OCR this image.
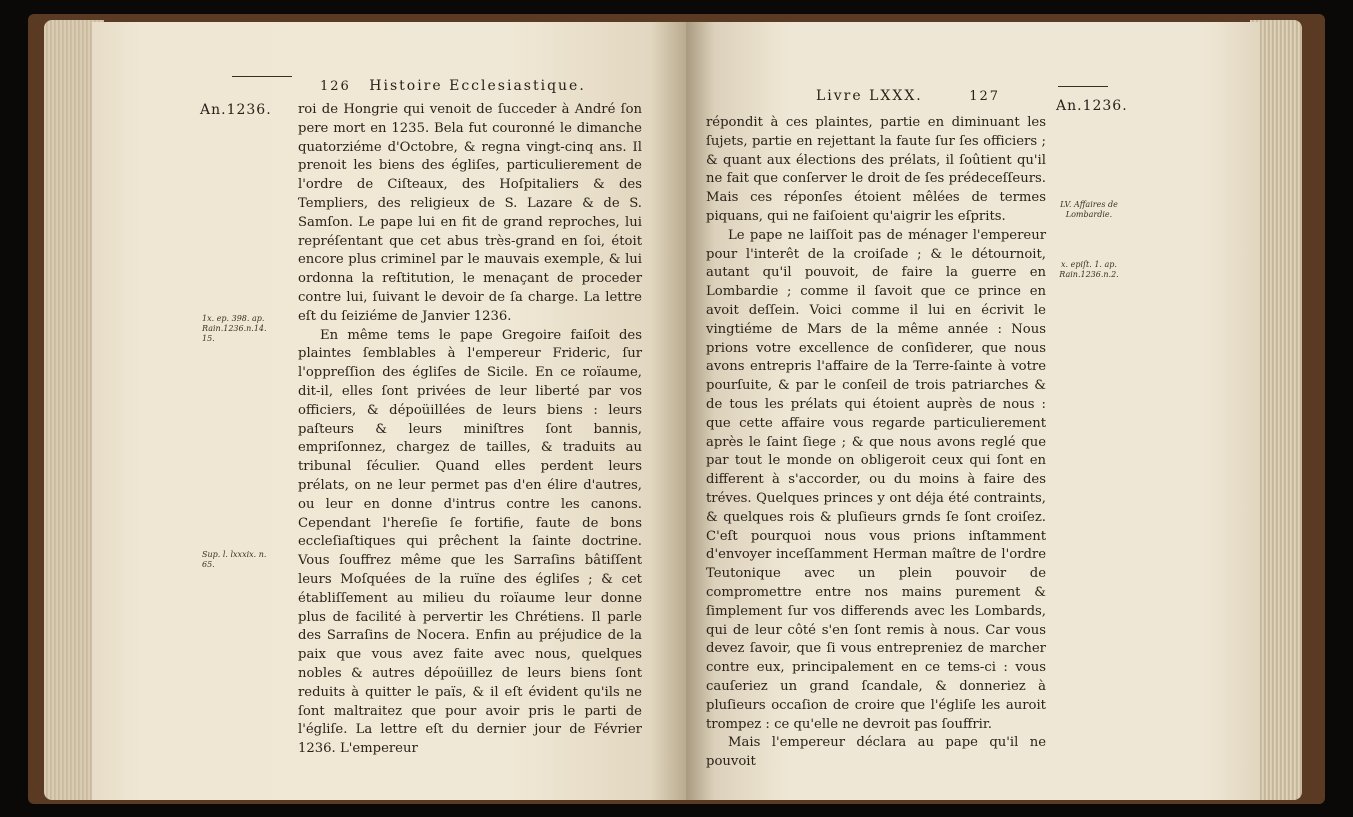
126 Histoire Ecclesiastique.
An.1236.
1x. ep. 398. ap. Rain.1236.n.14. 15.
Sup. l. lxxxix. n. 65.

roi de Hongrie qui venoit de ſucceder à André ſon pere mort en 1235. Bela fut couronné le dimanche quatorziéme d'Octobre, & regna vingt-cinq ans. Il prenoit les biens des égliſes, particulierement de l'ordre de Ciſteaux, des Hoſpitaliers & des Templiers, des religieux de S. Lazare & de S. Samſon. Le pape lui en fit de grand reproches, lui repréſentant que cet abus très-grand en ſoi, étoit encore plus criminel par le mauvais exemple, & lui ordonna la reſtitution, le menaçant de proceder contre lui, ſuivant le devoir de ſa charge. La lettre eſt du ſeiziéme de Janvier 1236.

En même tems le pape Gregoire faiſoit des plaintes ſemblables à l'empereur Frideric, ſur l'oppreſſion des égliſes de Sicile. En ce roïaume, dit-il, elles ſont privées de leur liberté par vos officiers, & dépoüillées de leurs biens : leurs paſteurs & leurs miniſtres ſont bannis, empriſonnez, chargez de tailles, & traduits au tribunal ſéculier. Quand elles perdent leurs prélats, on ne leur permet pas d'en élire d'autres, ou leur en donne d'intrus contre les canons. Cependant l'hereſie ſe fortifie, faute de bons eccleſiaſtiques qui prêchent la ſainte doctrine. Vous ſouffrez même que les Sarraſins bâtiſſent leurs Moſquées de la ruïne des égliſes ; & cet établiſſement au milieu du roïaume leur donne plus de facilité à pervertir les Chrétiens. Il parle des Sarraſins de Nocera. Enfin au préjudice de la paix que vous avez faite avec nous, quelques nobles & autres dépoüillez de leurs biens ſont reduits à quitter le païs, & il eſt évident qu'ils ne ſont maltraitez que pour avoir pris le parti de l'égliſe. La lettre eſt du dernier jour de Février 1236. L'empereur

Livre LXXX.	127
An.1236.
LV. Affaires de Lombardie.
x. epiſt. 1. ap. Rain.1236.n.2.

répondit à ces plaintes, partie en diminuant les ſujets, partie en rejettant la faute ſur ſes officiers ; & quant aux élections des prélats, il ſoûtient qu'il ne fait que conſerver le droit de ſes prédeceſſeurs. Mais ces réponſes étoient mêlées de termes piquans, qui ne faiſoient qu'aigrir les eſprits.

Le pape ne laiſſoit pas de ménager l'empereur pour l'interêt de la croiſade ; & le détournoit, autant qu'il pouvoit, de faire la guerre en Lombardie ; comme il ſavoit que ce prince en avoit deſſein. Voici comme il lui en écrivit le vingtiéme de Mars de la même année : Nous prions votre excellence de conſiderer, que nous avons entrepris l'affaire de la Terre-ſainte à votre pourſuite, & par le conſeil de trois patriarches & de tous les prélats qui étoient auprès de nous : que cette affaire vous regarde particulierement après le ſaint ſiege ; & que nous avons reglé que par tout le monde on obligeroit ceux qui ſont en different à s'accorder, ou du moins à faire des tréves. Quelques princes y ont déja été contraints, & quelques rois & pluſieurs grnds ſe ſont croiſez. C'eſt pourquoi nous vous prions inſtamment d'envoyer inceſſamment Herman maître de l'ordre Teutonique avec un plein pouvoir de compromettre entre nos mains purement & ſimplement ſur vos differends avec les Lombards, qui de leur côté s'en ſont remis à nous. Car vous devez ſavoir, que ſi vous entrepreniez de marcher contre eux, principalement en ce tems-ci : vous cauſeriez un grand ſcandale, & donneriez à pluſieurs occaſion de croire que l'égliſe les auroit trompez : ce qu'elle ne devroit pas ſouffrir.

Mais l'empereur déclara au pape qu'il ne pouvoit
